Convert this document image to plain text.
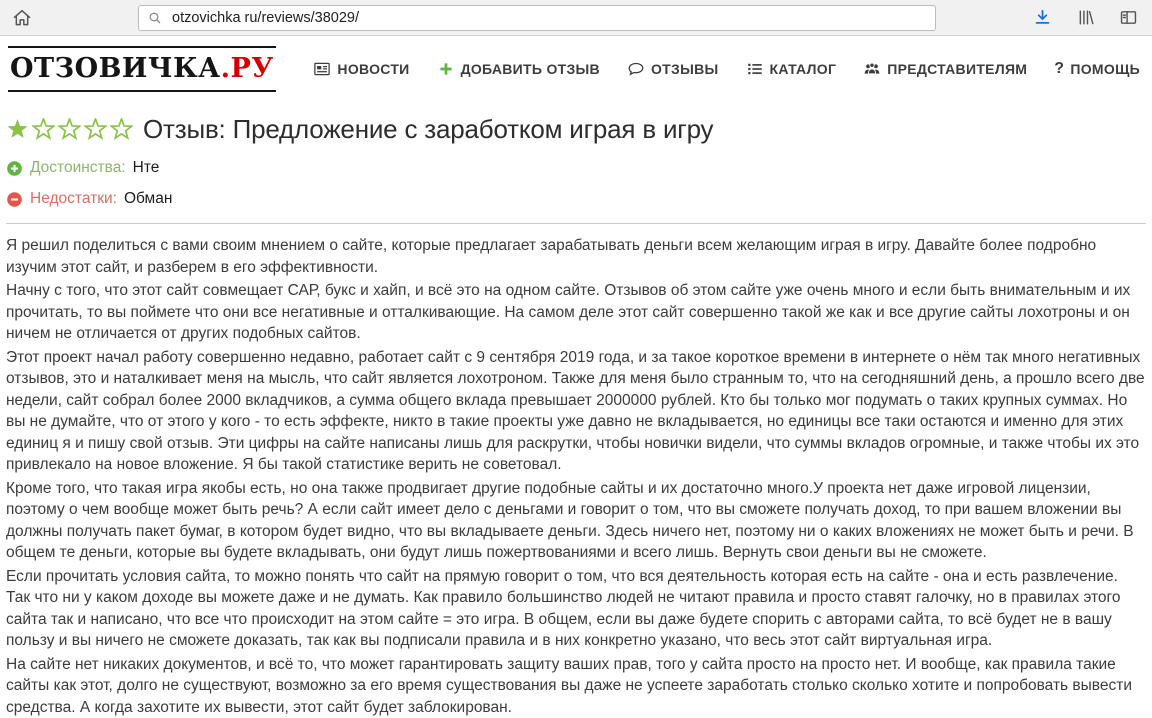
otzovichka ru/reviews/38029/
ОТЗОВИЧКА.РУ	НОВОСТИ	ДОБАВИТЬ ОТЗЫВ	ОТЗЫВЫ	КАТАЛОГ	ПРЕДСТАВИТЕЛЯМ ? ПОМОЩЬ
Отзыв: Предложение с заработком играя в игру
Достоинства: Нте
Недостатки: Обман

Я решил поделиться с вами своим мнением о сайте, которые предлагает зарабатывать деньги всем желающим играя в игру. Давайте более подробно изучим этот сайт, и разберем в его эффективности.

Начну с того, что этот сайт совмещает САР, букс и хайп, и всё это на одном сайте. Отзывов об этом сайте уже очень много и если быть внимательным и их прочитать, то вы поймете что они все негативные и отталкивающие. На самом деле этот сайт совершенно такой же как и все другие сайты лохотроны и он ничем не отличается от других подобных сайтов.

Этот проект начал работу совершенно недавно, работает сайт с 9 сентября 2019 года, и за такое короткое времени в интернете о нём так много негативных отзывов, это и наталкивает меня на мысль, что сайт является лохотроном. Также для меня было странным то, что на сегодняшний день, а прошло всего две недели, сайт собрал более 2000 вкладчиков, а сумма общего вклада превышает 2000000 рублей. Кто бы только мог подумать о таких крупных суммах. Но вы не думайте, что от этого у кого - то есть эффекте, никто в такие проекты уже давно не вкладывается, но единицы все таки остаются и именно для этих единиц я и пишу свой отзыв. Эти цифры на сайте написаны лишь для раскрутки, чтобы новички видели, что суммы вкладов огромные, и также чтобы их это привлекало на новое вложение. Я бы такой статистике верить не советовал.

Кроме того, что такая игра якобы есть, но она также продвигает другие подобные сайты и их достаточно много.У проекта нет даже игровой лицензии, поэтому о чем вообще может быть речь? А если сайт имеет дело с деньгами и говорит о том, что вы сможете получать доход, то при вашем вложении вы должны получать пакет бумаг, в котором будет видно, что вы вкладываете деньги. Здесь ничего нет, поэтому ни о каких вложениях не может быть и речи. В общем те деньги, которые вы будете вкладывать, они будут лишь пожертвованиями и всего лишь. Вернуть свои деньги вы не сможете.

Если прочитать условия сайта, то можно понять что сайт на прямую говорит о том, что вся деятельность которая есть на сайте - она и есть развлечение. Так что ни у каком доходе вы можете даже и не думать. Как правило большинство людей не читают правила и просто ставят галочку, но в правилах этого сайта так и написано, что все что происходит на этом сайте = это игра. В общем, если вы даже будете спорить с авторами сайта, то всё будет не в вашу пользу и вы ничего не сможете доказать, так как вы подписали правила и в них конкретно указано, что весь этот сайт виртуальная игра.

На сайте нет никаких документов, и всё то, что может гарантировать защиту ваших прав, того у сайта просто на просто нет. И вообще, как правила такие сайты как этот, долго не существуют, возможно за его время существования вы даже не успеете заработать столько сколько хотите и попробовать вывести средства. А когда захотите их вывести, этот сайт будет заблокирован.
